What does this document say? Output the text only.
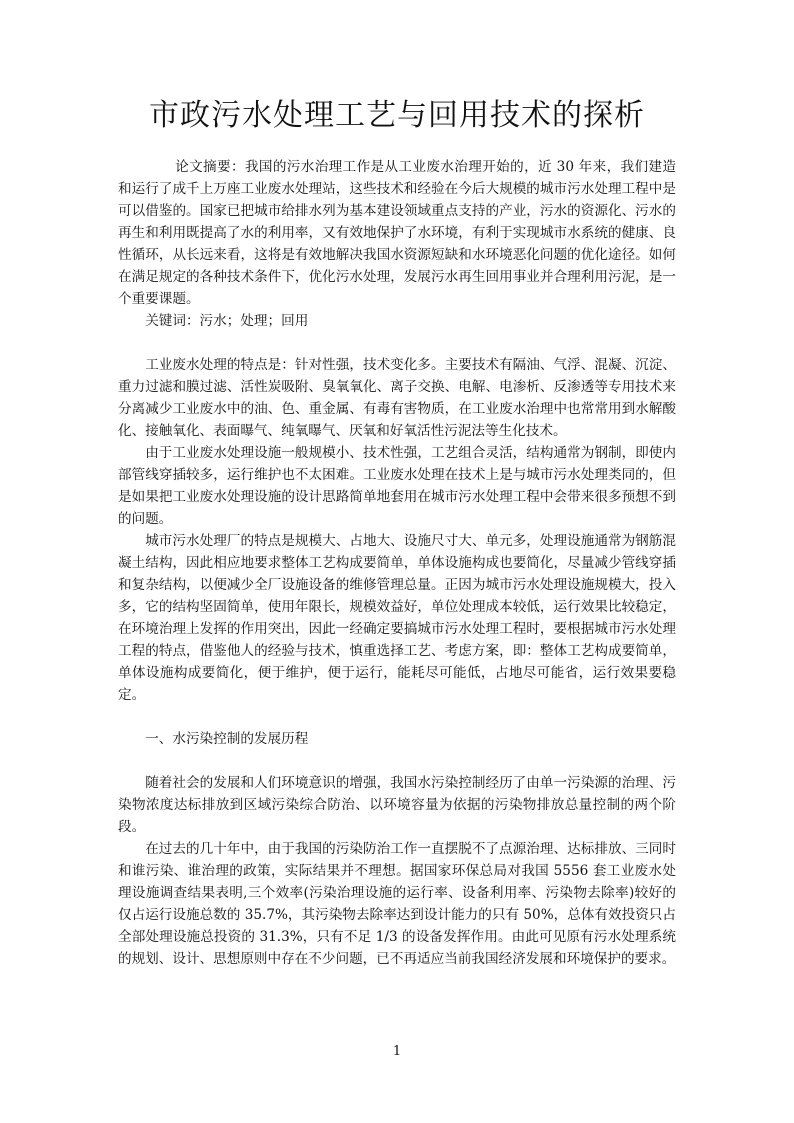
市政污水处理工艺与回用技术的探析

论文摘要：我国的污水治理工作是从工业废水治理开始的，近 30 年来，我们建造和运行了成千上万座工业废水处理站，这些技术和经验在今后大规模的城市污水处理工程中是可以借鉴的。国家已把城市给排水列为基本建设领域重点支持的产业，污水的资源化、污水的再生和利用既提高了水的利用率，又有效地保护了水环境，有利于实现城市水系统的健康、良性循环，从长远来看，这将是有效地解决我国水资源短缺和水环境恶化问题的优化途径。如何在满足规定的各种技术条件下，优化污水处理，发展污水再生回用事业并合理利用污泥，是一个重要课题。

关键词：污水；处理；回用

工业废水处理的特点是：针对性强，技术变化多。主要技术有隔油、气浮、混凝、沉淀、重力过滤和膜过滤、活性炭吸附、臭氧氧化、离子交换、电解、电渗析、反渗透等专用技术来分离减少工业废水中的油、色、重金属、有毒有害物质，在工业废水治理中也常常用到水解酸化、接触氧化、表面曝气、纯氧曝气、厌氧和好氧活性污泥法等生化技术。

由于工业废水处理设施一般规模小、技术性强，工艺组合灵活，结构通常为钢制，即使内部管线穿插较多，运行维护也不太困难。工业废水处理在技术上是与城市污水处理类同的，但是如果把工业废水处理设施的设计思路简单地套用在城市污水处理工程中会带来很多预想不到的问题。

城市污水处理厂的特点是规模大、占地大、设施尺寸大、单元多，处理设施通常为钢筋混凝土结构，因此相应地要求整体工艺构成要简单，单体设施构成也要简化，尽量减少管线穿插和复杂结构，以便减少全厂设施设备的维修管理总量。正因为城市污水处理设施规模大，投入多，它的结构坚固简单，使用年限长，规模效益好，单位处理成本较低，运行效果比较稳定，在环境治理上发挥的作用突出，因此一经确定要搞城市污水处理工程时，要根据城市污水处理工程的特点，借鉴他人的经验与技术，慎重选择工艺、考虑方案，即：整体工艺构成要简单，单体设施构成要简化，便于维护，便于运行，能耗尽可能低，占地尽可能省，运行效果要稳定。

一、水污染控制的发展历程

随着社会的发展和人们环境意识的增强，我国水污染控制经历了由单一污染源的治理、污染物浓度达标排放到区域污染综合防治、以环境容量为依据的污染物排放总量控制的两个阶段。

在过去的几十年中，由于我国的污染防治工作一直摆脱不了点源治理、达标排放、三同时和谁污染、谁治理的政策，实际结果并不理想。据国家环保总局对我国 5556 套工业废水处理设施调查结果表明,三个效率(污染治理设施的运行率、设备利用率、污染物去除率)较好的仅占运行设施总数的 35.7%，其污染物去除率达到设计能力的只有 50%，总体有效投资只占全部处理设施总投资的 31.3%，只有不足 1/3 的设备发挥作用。由此可见原有污水处理系统的规划、设计、思想原则中存在不少问题，已不再适应当前我国经济发展和环境保护的要求。

1
